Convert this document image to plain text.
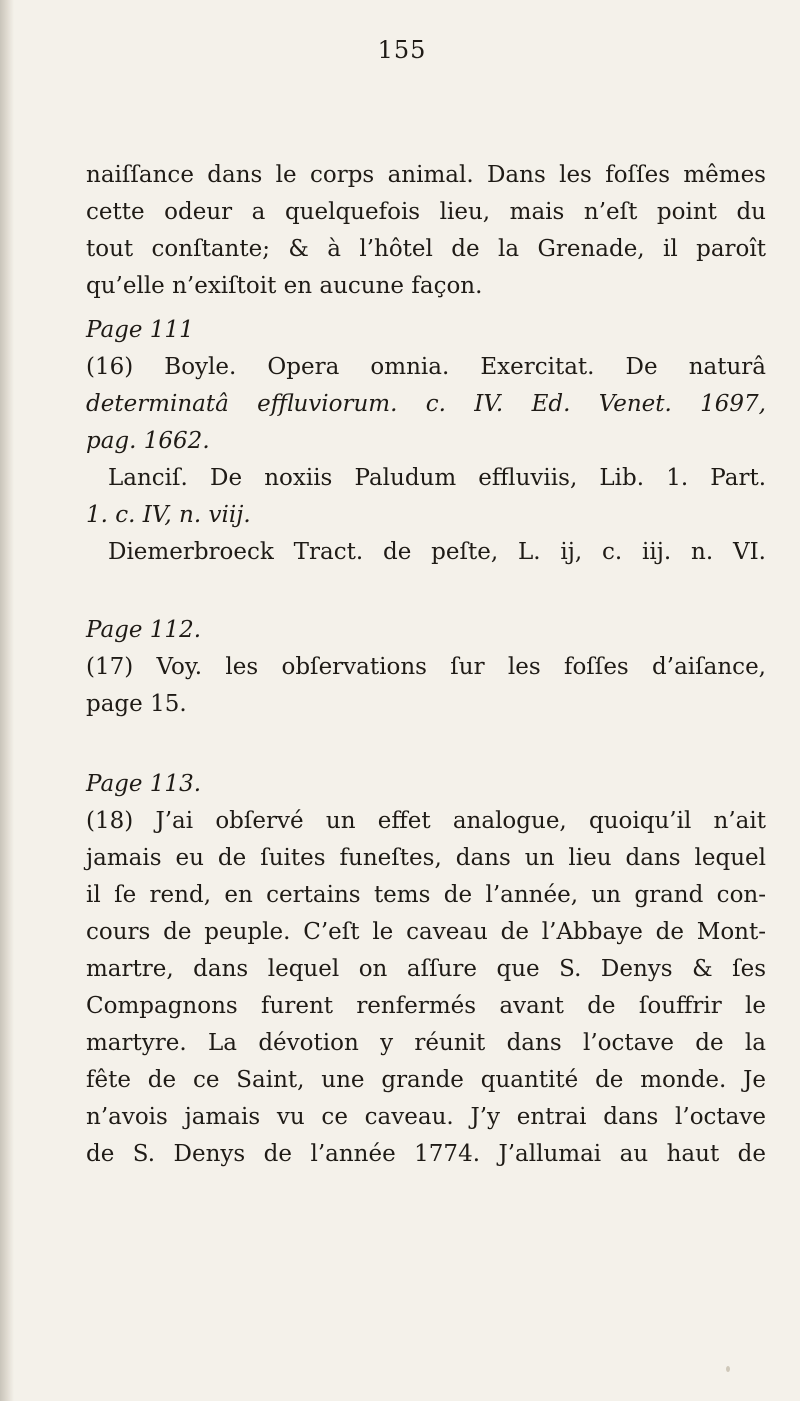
155
naiſſance dans le corps animal. Dans les foſſes mêmes
cette odeur a quelquefois lieu, mais n’eſt point du
tout conſtante; & à l’hôtel de la Grenade, il paroît
qu’elle n’exiſtoit en aucune façon.
Page 111
(16) Boyle. Opera omnia. Exercitat. De naturâ
determinatâ effluviorum. c. IV. Ed. Venet. 1697,
pag. 1662.
Lanciſ. De noxiis Paludum effluviis, Lib. 1. Part.
1. c. IV, n. viij.
Diemerbroeck Tract. de peſte, L. ij, c. iij. n. VI.
Page 112.
(17) Voy. les obſervations ſur les foſſes d’aiſance,
page 15.
Page 113.
(18) J’ai obſervé un effet analogue, quoiqu’il n’ait
jamais eu de ſuites funeſtes, dans un lieu dans lequel
il ſe rend, en certains tems de l’année, un grand con-
cours de peuple. C’eſt le caveau de l’Abbaye de Mont-
martre, dans lequel on aſſure que S. Denys & ſes
Compagnons furent renfermés avant de ſouffrir le
martyre. La dévotion y réunit dans l’octave de la
fête de ce Saint, une grande quantité de monde. Je
n’avois jamais vu ce caveau. J’y entrai dans l’octave
de S. Denys de l’année 1774. J’allumai au haut de
